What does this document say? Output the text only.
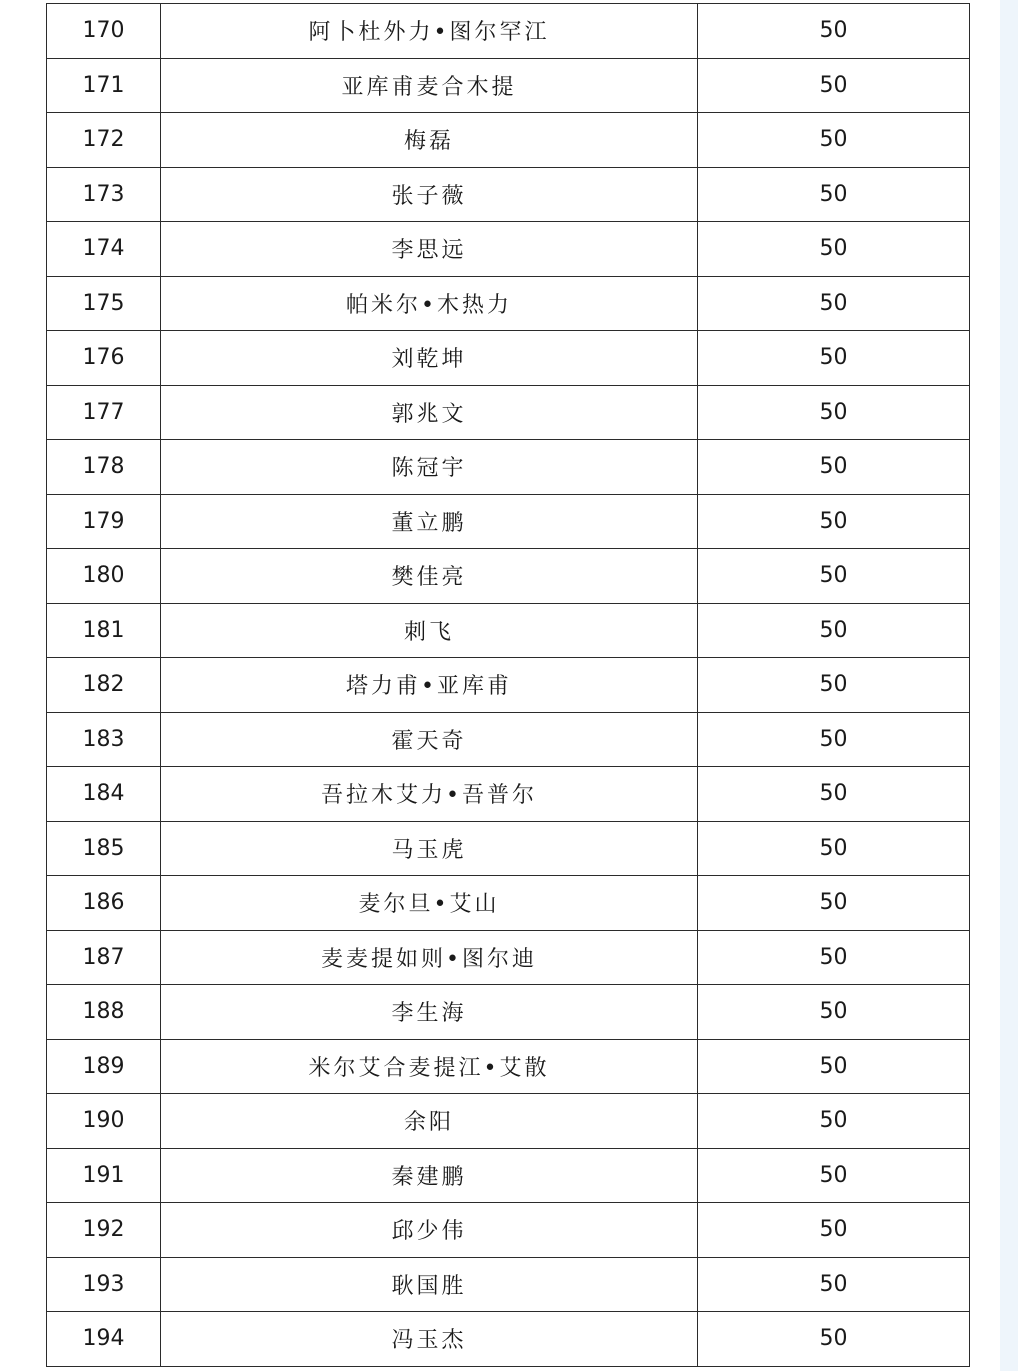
170	阿卜杜外力•图尔罕江	50
171	亚库甫麦合木提	50
172	梅磊	50
173	张子薇	50
174	李思远	50
175	帕米尔•木热力	50
176	刘乾坤	50
177	郭兆文	50
178	陈冠宇	50
179	董立鹏	50
180	樊佳亮	50
181	刺飞	50
182	塔力甫•亚库甫	50
183	霍天奇	50
184	吾拉木艾力•吾普尔	50
185	马玉虎	50
186	麦尔旦•艾山	50
187	麦麦提如则•图尔迪	50
188	李生海	50
189	米尔艾合麦提江•艾散	50
190	余阳	50
191	秦建鹏	50
192	邱少伟	50
193	耿国胜	50
194	冯玉杰	50
